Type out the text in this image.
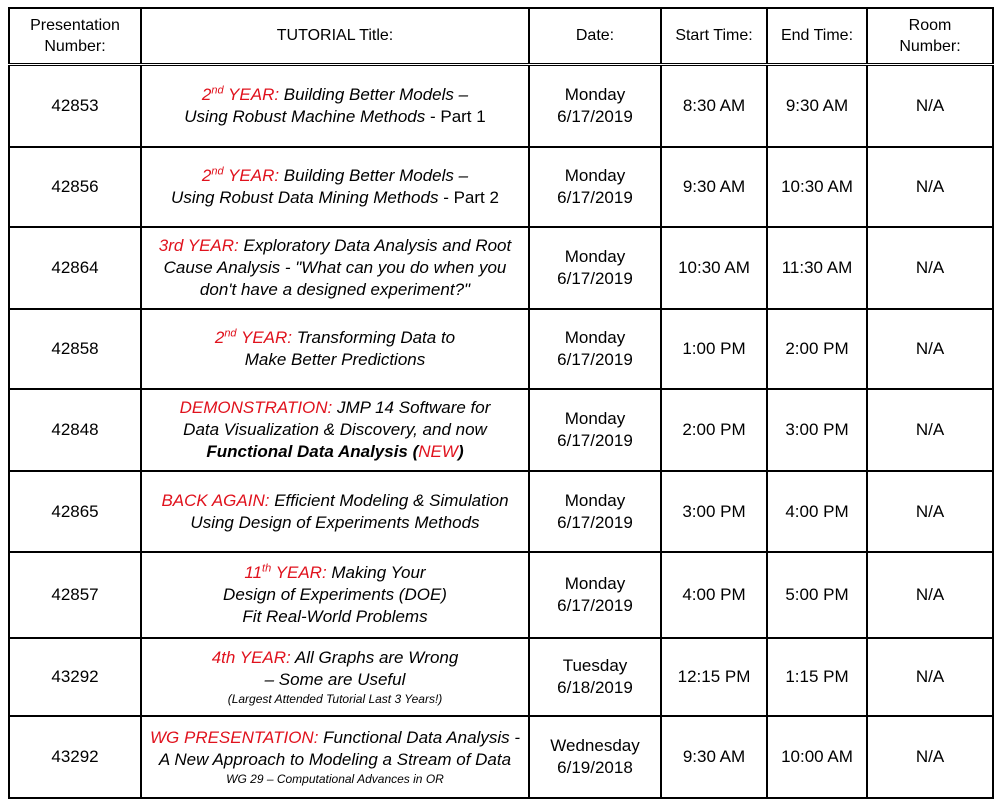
Presentation
Number:	TUTORIAL Title:	Date:	Start Time:	End Time:	Room
Number:

42853	2nd YEAR: Building Better Models –
Using Robust Machine Methods - Part 1	Monday
6/17/2019	8:30 AM	9:30 AM	N/A
42856	2nd YEAR: Building Better Models –
Using Robust Data Mining Methods - Part 2	Monday
6/17/2019	9:30 AM	10:30 AM	N/A
42864	3rd YEAR: Exploratory Data Analysis and Root
Cause Analysis - "What can you do when you
don't have a designed experiment?"	Monday
6/17/2019	10:30 AM	11:30 AM	N/A
42858	2nd YEAR: Transforming Data to
Make Better Predictions	Monday
6/17/2019	1:00 PM	2:00 PM	N/A
42848	DEMONSTRATION: JMP 14 Software for
Data Visualization & Discovery, and now
Functional Data Analysis (NEW)	Monday
6/17/2019	2:00 PM	3:00 PM	N/A
42865	BACK AGAIN: Efficient Modeling & Simulation
Using Design of Experiments Methods	Monday
6/17/2019	3:00 PM	4:00 PM	N/A
42857	11th YEAR: Making Your
Design of Experiments (DOE)
Fit Real-World Problems	Monday
6/17/2019	4:00 PM	5:00 PM	N/A
43292	4th YEAR: All Graphs are Wrong
– Some are Useful
(Largest Attended Tutorial Last 3 Years!)	Tuesday
6/18/2019	12:15 PM	1:15 PM	N/A
43292	WG PRESENTATION: Functional Data Analysis -
A New Approach to Modeling a Stream of Data
WG 29 – Computational Advances in OR	Wednesday
6/19/2018	9:30 AM	10:00 AM	N/A
